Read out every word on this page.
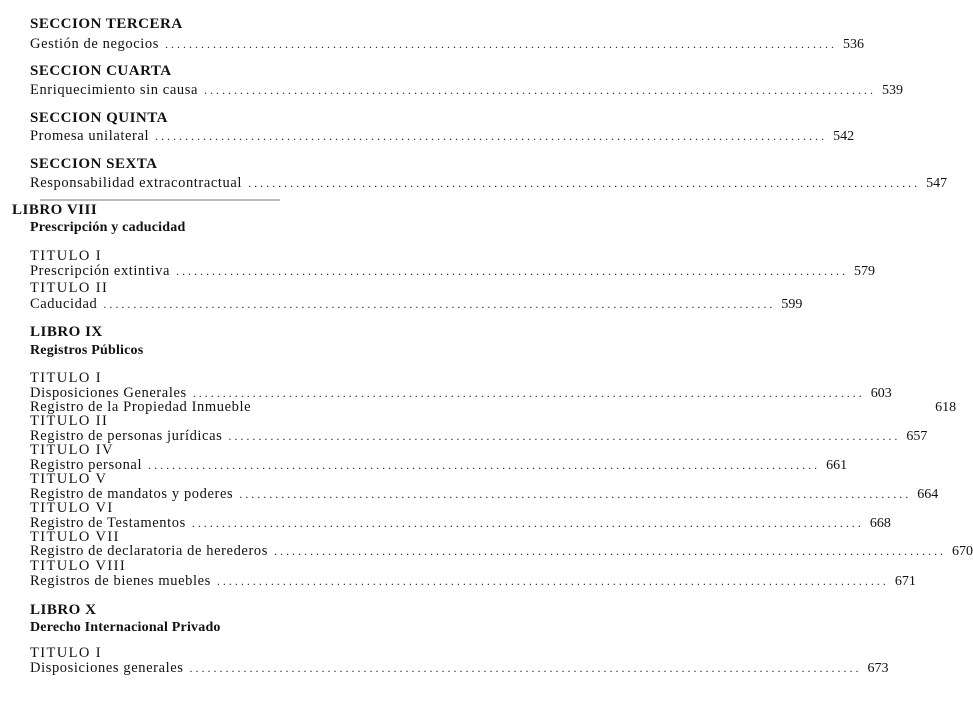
SECCION TERCERA
Gestión de negocios ................................................................................................................ 536
SECCION CUARTA
Enriquecimiento sin causa ................................................................................................................ 539
SECCION QUINTA
Promesa unilateral ................................................................................................................ 542
SECCION SEXTA
Responsabilidad extracontractual ................................................................................................................ 547
LIBRO VIII
Prescripción y caducidad
TITULO I
Prescripción extintiva ................................................................................................................ 579
TITULO II
Caducidad ................................................................................................................ 599
LIBRO IX
Registros Públicos
TITULO I
Disposiciones Generales ................................................................................................................ 603
Registro de la Propiedad Inmueble	618
TITULO II
Registro de personas jurídicas ................................................................................................................ 657
TITULO IV
Registro personal ................................................................................................................ 661
TITULO V
Registro de mandatos y poderes ................................................................................................................ 664
TITULO VI
Registro de Testamentos ................................................................................................................ 668
TITULO VII
Registro de declaratoria de herederos ................................................................................................................ 670
TITULO VIII
Registros de bienes muebles ................................................................................................................ 671
LIBRO X
Derecho Internacional Privado
TITULO I
Disposiciones generales ................................................................................................................ 673
